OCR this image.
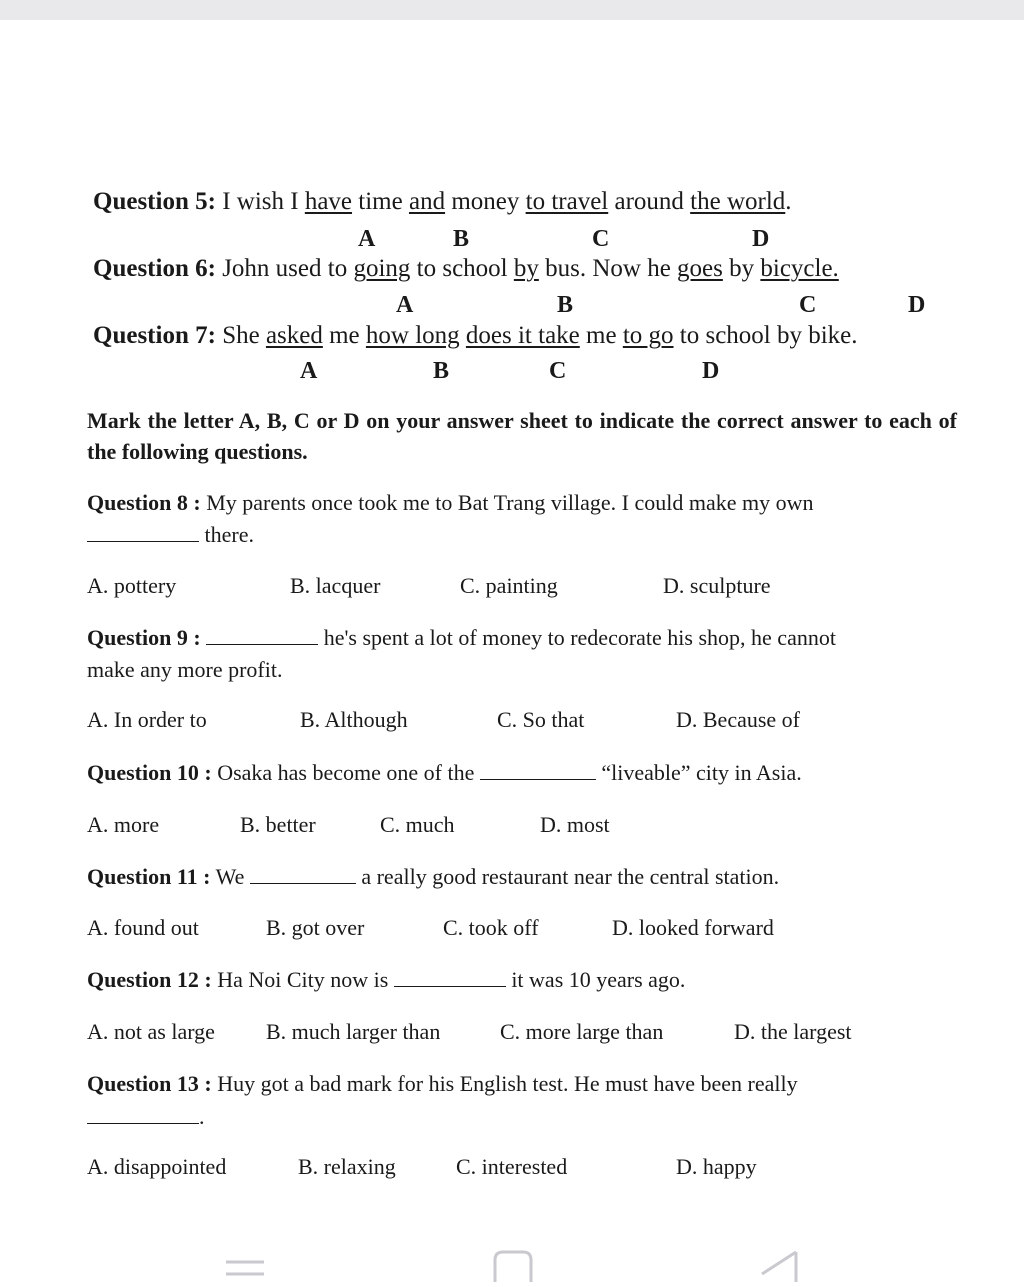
Question 5: I wish I have time and money to travel around the world.
A	B	C	D
Question 6: John used to going to school by bus. Now he goes by bicycle.
A	B	C	D
Question 7: She asked me how long does it take me to go to school by bike.
A	B	C	D
Mark the letter A, B, C or D on your answer sheet to indicate the correct answer to each of the following questions.
Question 8 : My parents once took me to Bat Trang village. I could make my own
there.
A. pottery	B. lacquer	C. painting	D. sculpture
Question 9 :	he's spent a lot of money to redecorate his shop, he cannot
make any more profit.
A. In order to	B. Although	C. So that	D. Because of
Question 10 : Osaka has become one of the	“liveable” city in Asia.
A. more	B. better	C. much	D. most
Question 11 : We	a really good restaurant near the central station.
A. found out	B. got over	C. took off	D. looked forward
Question 12 : Ha Noi City now is	it was 10 years ago.
A. not as large B. much larger than	C. more large than	D. the largest
Question 13 : Huy got a bad mark for his English test. He must have been really
.
A. disappointed	B. relaxing	C. interested	D. happy
